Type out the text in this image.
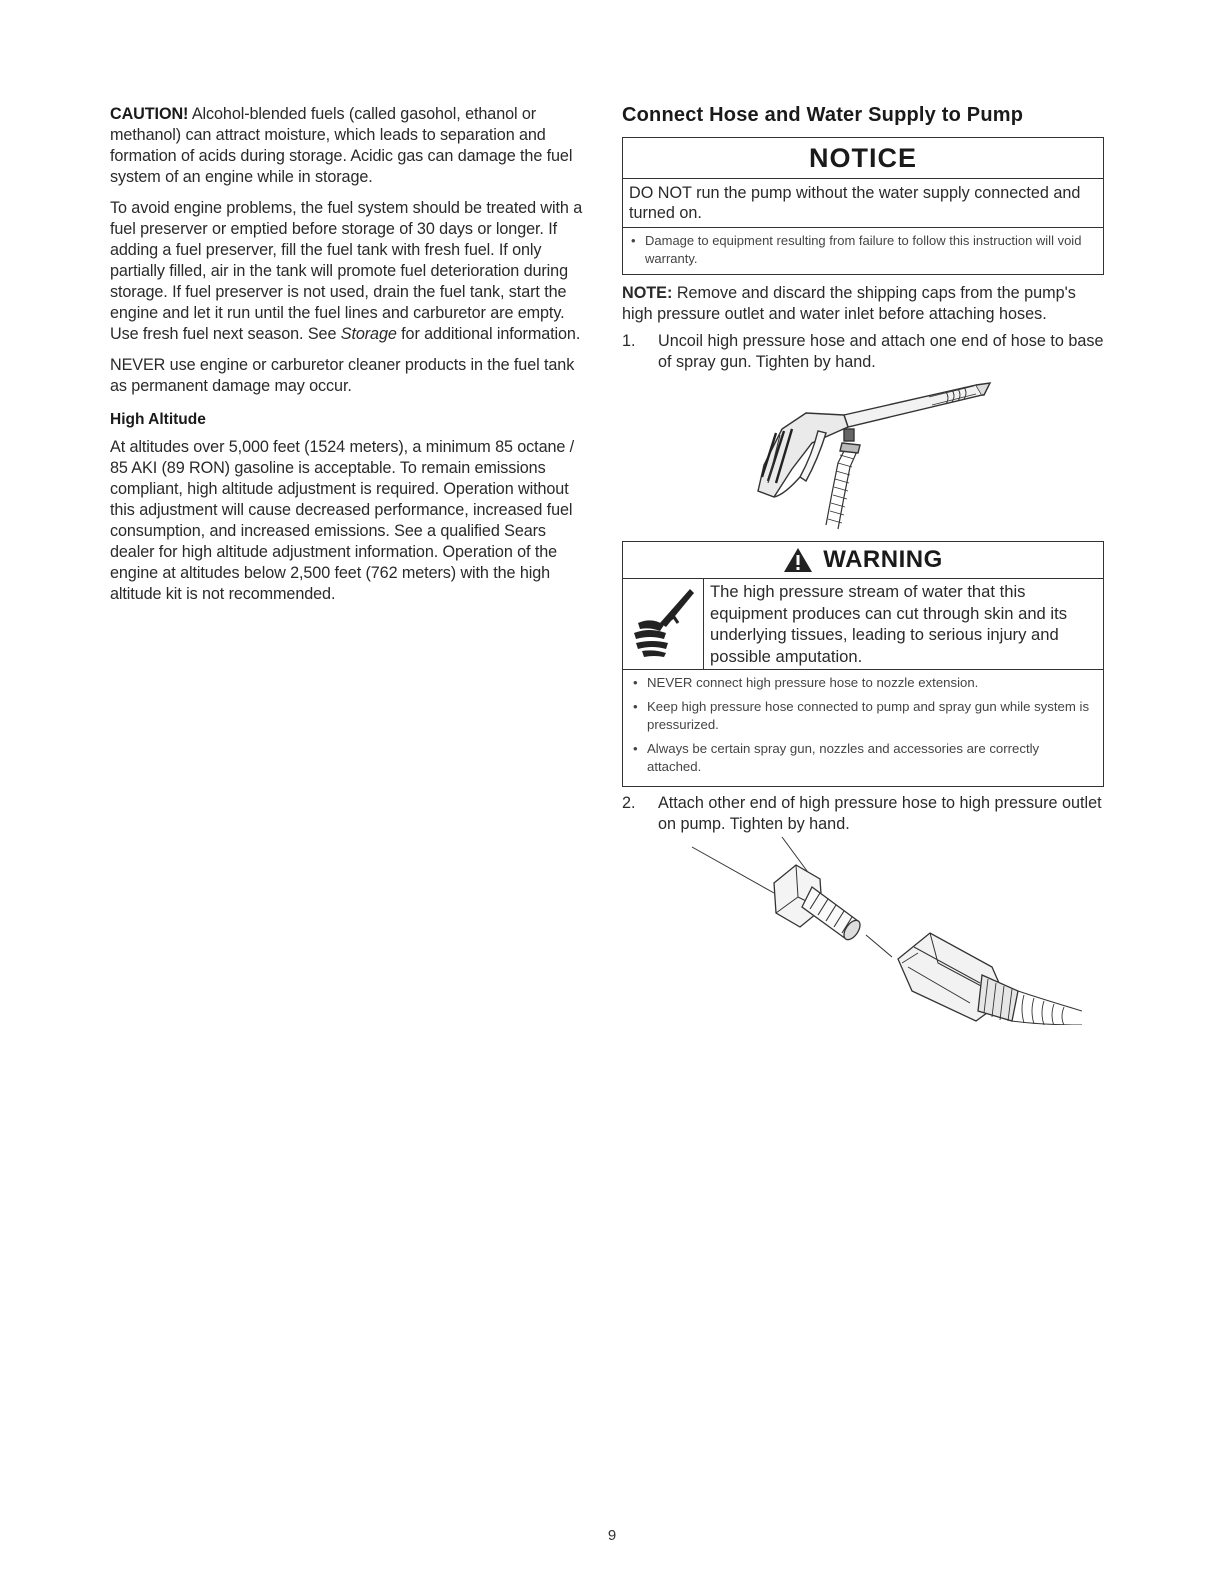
CAUTION! Alcohol-blended fuels (called gasohol, ethanol or methanol) can attract moisture, which leads to separation and formation of acids during storage. Acidic gas can damage the fuel system of an engine while in storage.

To avoid engine problems, the fuel system should be treated with a fuel preserver or emptied before storage of 30 days or longer. If adding a fuel preserver, fill the fuel tank with fresh fuel. If only partially filled, air in the tank will promote fuel deterioration during storage. If fuel preserver is not used, drain the fuel tank, start the engine and let it run until the fuel lines and carburetor are empty. Use fresh fuel next season. See Storage for additional information.

NEVER use engine or carburetor cleaner products in the fuel tank as permanent damage may occur.

High Altitude

At altitudes over 5,000 feet (1524 meters), a minimum 85 octane / 85 AKI (89 RON) gasoline is acceptable. To remain emissions compliant, high altitude adjustment is required. Operation without this adjustment will cause decreased performance, increased fuel consumption, and increased emissions. See a qualified Sears dealer for high altitude adjustment information. Operation of the engine at altitudes below 2,500 feet (762 meters) with the high altitude kit is not recommended.

Connect Hose and Water Supply to Pump
NOTICE
DO NOT run the pump without the water supply connected and turned on.
• Damage to equipment resulting from failure to follow this instruction will void warranty.

NOTE: Remove and discard the shipping caps from the pump's high pressure outlet and water inlet before attaching hoses.

1. Uncoil high pressure hose and attach one end of hose to base of spray gun. Tighten by hand.
WARNING
The high pressure stream of water that this equipment produces can cut through skin and its underlying tissues, leading to serious injury and possible amputation.
• NEVER connect high pressure hose to nozzle extension.
• Keep high pressure hose connected to pump and spray gun while system is pressurized.
• Always be certain spray gun, nozzles and accessories are correctly attached.
2. Attach other end of high pressure hose to high pressure outlet on pump. Tighten by hand.
9
